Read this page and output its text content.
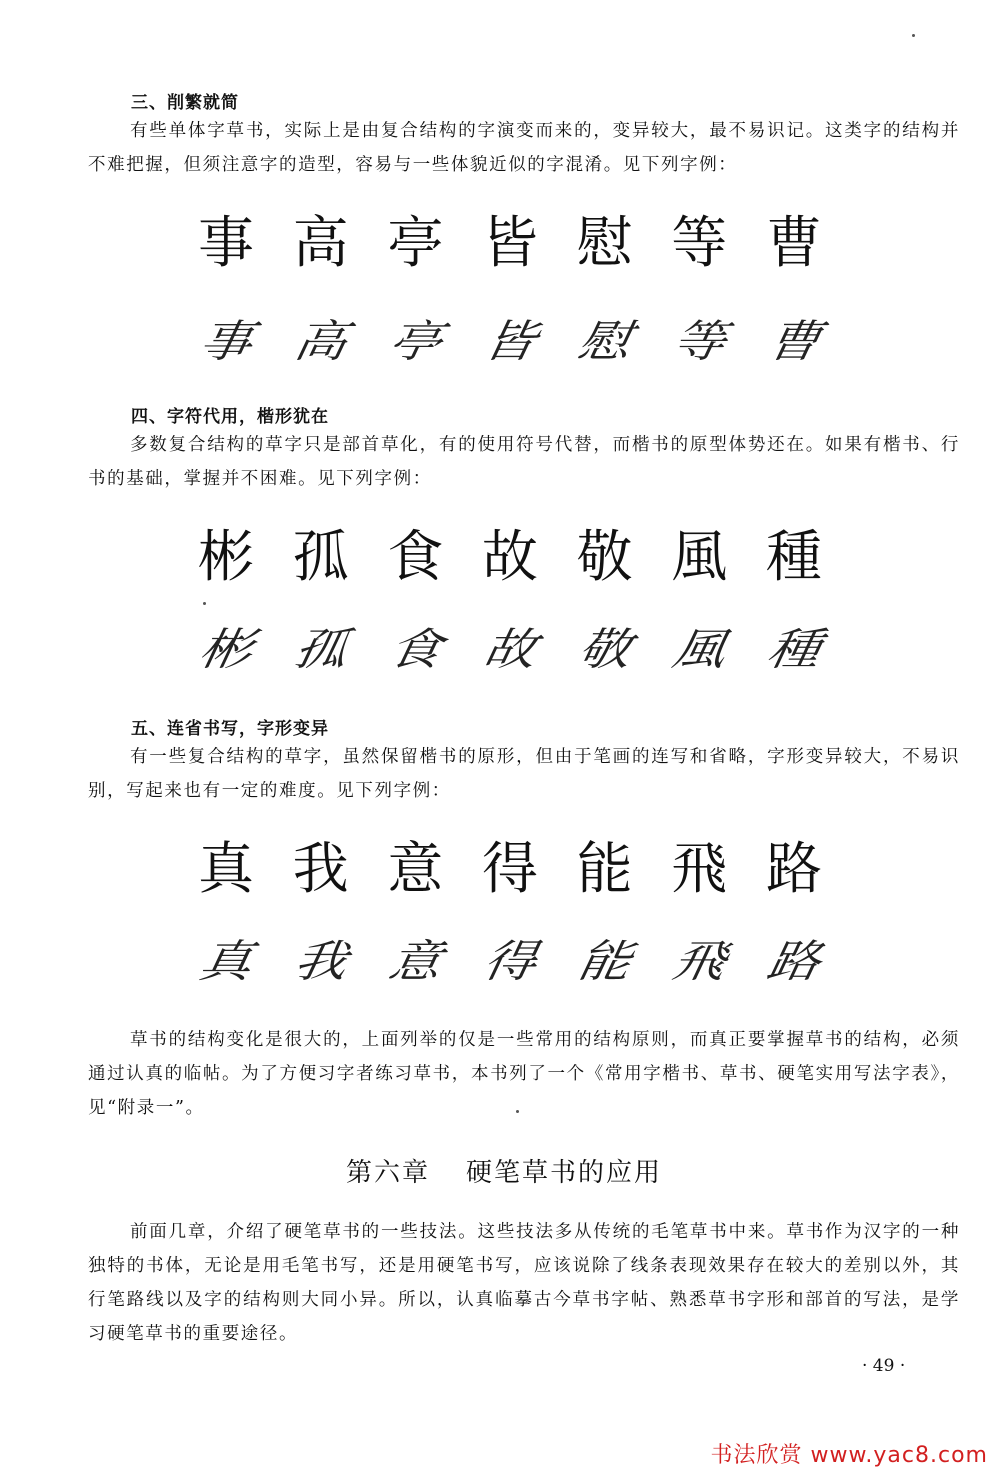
三、削繁就简

有些单体字草书，实际上是由复合结构的字演变而来的，变异较大，最不易识记。这类字的结构并不难把握，但须注意字的造型，容易与一些体貌近似的字混淆。见下列字例：

事 高 亭 皆 慰 等 曹
事 高 亭 皆 慰 等 曹
四、字符代用，楷形犹在

多数复合结构的草字只是部首草化，有的使用符号代替，而楷书的原型体势还在。如果有楷书、行书的基础，掌握并不困难。见下列字例：

彬 孤 食 故 敬 風 種
彬 孤 食 故 敬 風 種
五、连省书写，字形变异

有一些复合结构的草字，虽然保留楷书的原形，但由于笔画的连写和省略，字形变异较大，不易识别，写起来也有一定的难度。见下列字例：

真 我 意 得 能 飛 路
真 我 意 得 能 飛 路

草书的结构变化是很大的，上面列举的仅是一些常用的结构原则，而真正要掌握草书的结构，必须通过认真的临帖。为了方便习字者练习草书，本书列了一个《常用字楷书、草书、硬笔实用写法字表》，见“附录一”。

第六章 硬笔草书的应用

前面几章，介绍了硬笔草书的一些技法。这些技法多从传统的毛笔草书中来。草书作为汉字的一种独特的书体，无论是用毛笔书写，还是用硬笔书写，应该说除了线条表现效果存在较大的差别以外，其行笔路线以及字的结构则大同小异。所以，认真临摹古今草书字帖、熟悉草书字形和部首的写法，是学习硬笔草书的重要途径。

· 49 ·
书法欣赏 www.yac8.com
